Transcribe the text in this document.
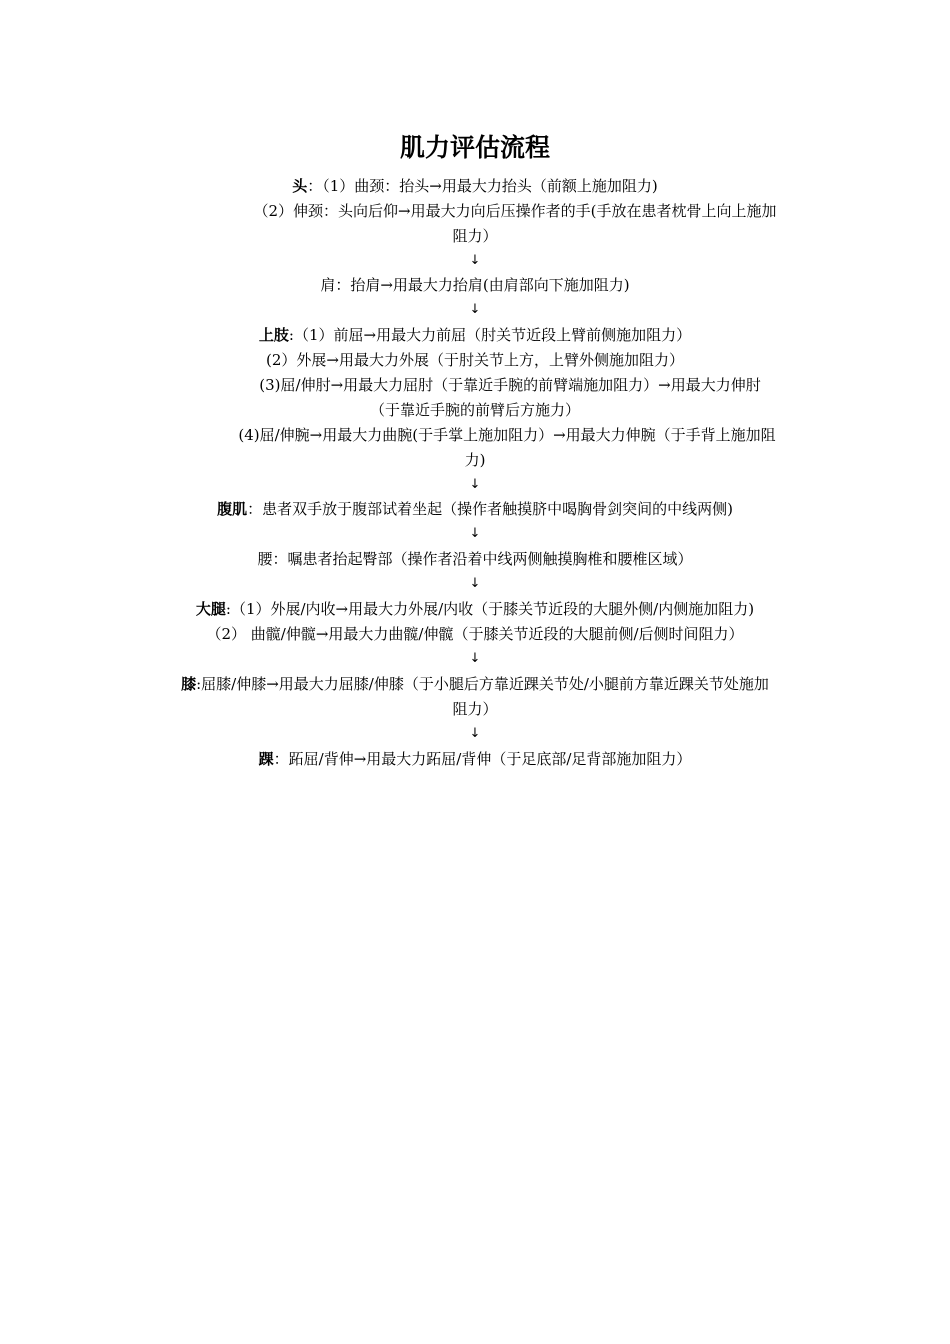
肌力评估流程
头：（1）曲颈：抬头→用最大力抬头（前额上施加阻力)
（2）伸颈：头向后仰→用最大力向后压操作者的手(手放在患者枕骨上向上施加
阻力）
↓
肩：抬肩→用最大力抬肩(由肩部向下施加阻力)
↓
上肢:（1）前屈→用最大力前屈（肘关节近段上臂前侧施加阻力）
(2）外展→用最大力外展（于肘关节上方，上臂外侧施加阻力）
(3)屈/伸肘→用最大力屈肘（于靠近手腕的前臂端施加阻力）→用最大力伸肘
（于靠近手腕的前臂后方施力）
(4)屈/伸腕→用最大力曲腕(于手掌上施加阻力）→用最大力伸腕（于手背上施加阻
力)
↓
腹肌：患者双手放于腹部试着坐起（操作者触摸脐中喝胸骨剑突间的中线两侧)
↓
腰：嘱患者抬起臀部（操作者沿着中线两侧触摸胸椎和腰椎区域）
↓
大腿:（1）外展/内收→用最大力外展/内收（于膝关节近段的大腿外侧/内侧施加阻力)
（2） 曲髋/伸髋→用最大力曲髋/伸髋（于膝关节近段的大腿前侧/后侧时间阻力）
↓
膝:屈膝/伸膝→用最大力屈膝/伸膝（于小腿后方靠近踝关节处/小腿前方靠近踝关节处施加
阻力）
↓
踝：跖屈/背伸→用最大力跖屈/背伸（于足底部/足背部施加阻力）
